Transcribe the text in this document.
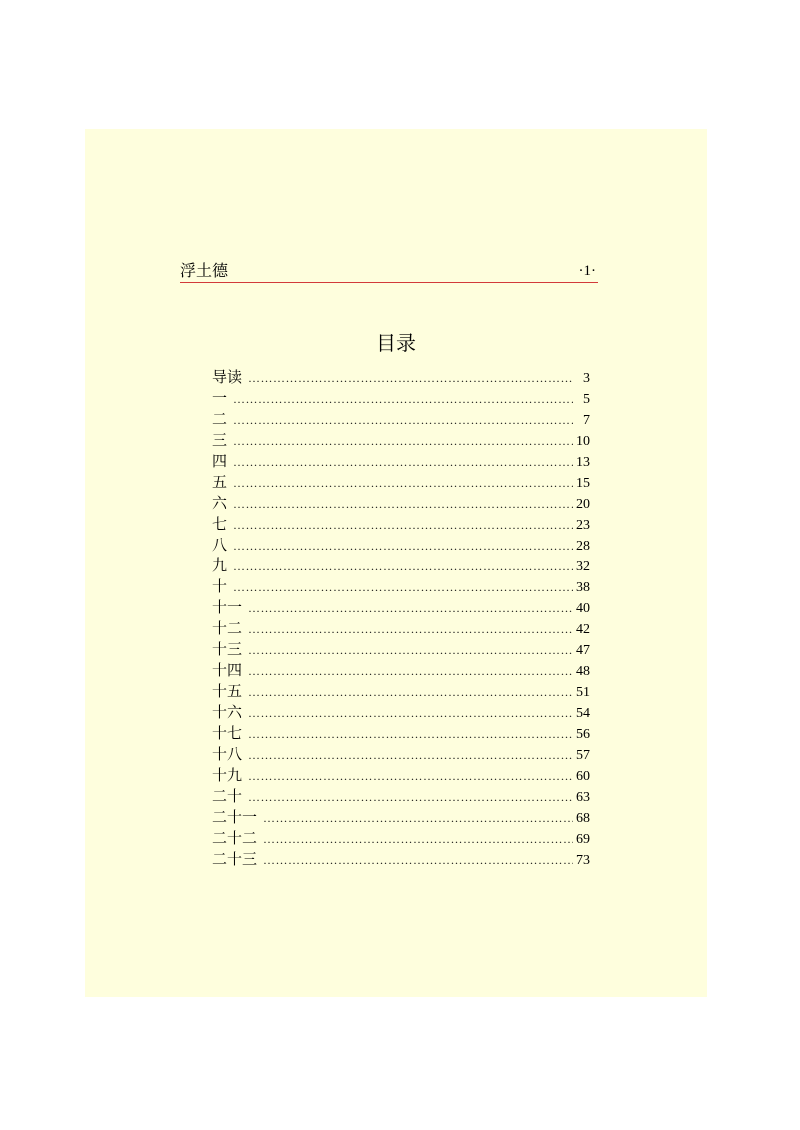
浮土德	·1·
目录
导读 ……………………………………………………………………………………………………………………………………	3
一 ……………………………………………………………………………………………………………………………………	5
二 ……………………………………………………………………………………………………………………………………	7
三 ……………………………………………………………………………………………………………………………………	10
四 ……………………………………………………………………………………………………………………………………	13
五 ……………………………………………………………………………………………………………………………………	15
六 ……………………………………………………………………………………………………………………………………	20
七 ……………………………………………………………………………………………………………………………………	23
八 ……………………………………………………………………………………………………………………………………	28
九 ……………………………………………………………………………………………………………………………………	32
十 ……………………………………………………………………………………………………………………………………	38
十一 ……………………………………………………………………………………………………………………………………	40
十二 ……………………………………………………………………………………………………………………………………	42
十三 ……………………………………………………………………………………………………………………………………	47
十四 ……………………………………………………………………………………………………………………………………	48
十五 ……………………………………………………………………………………………………………………………………	51
十六 ……………………………………………………………………………………………………………………………………	54
十七 ……………………………………………………………………………………………………………………………………	56
十八 ……………………………………………………………………………………………………………………………………	57
十九 ……………………………………………………………………………………………………………………………………	60
二十 ……………………………………………………………………………………………………………………………………	63
二十一 ……………………………………………………………………………………………………………………………………	68
二十二 ……………………………………………………………………………………………………………………………………	69
二十三 ……………………………………………………………………………………………………………………………………	73
